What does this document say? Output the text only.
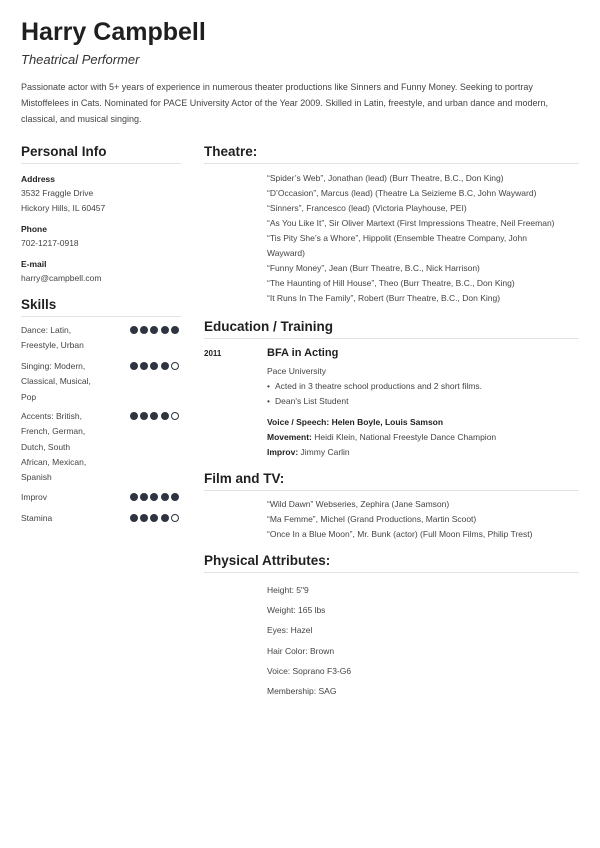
Harry Campbell
Theatrical Performer
Passionate actor with 5+ years of experience in numerous theater productions like Sinners and Funny Money. Seeking to portray Mistoffelees in Cats. Nominated for PACE University Actor of the Year 2009. Skilled in Latin, freestyle, and urban dance and modern, classical, and musical singing.
Personal Info
Address
3532 Fraggle Drive
Hickory Hills, IL 60457
Phone
702-1217-0918
E-mail
harry@campbell.com
Skills
Dance: Latin,
Freestyle, Urban
Singing: Modern,
Classical, Musical,
Pop
Accents: British,
French, German,
Dutch, South
African, Mexican,
Spanish
Improv
Stamina
Theatre:
“Spider’s Web”, Jonathan (lead) (Burr Theatre, B.C., Don King)
“D’Occasion”, Marcus (lead) (Theatre La Seizieme B.C, John Wayward)
“Sinners”, Francesco (lead) (Victoria Playhouse, PEI)
“As You Like It”, Sir Oliver Martext (First Impressions Theatre, Neil Freeman)
“Tis Pity She’s a Whore”, Hippolit (Ensemble Theatre Company, John
Wayward)
“Funny Money”, Jean (Burr Theatre, B.C., Nick Harrison)
“The Haunting of Hill House”, Theo (Burr Theatre, B.C., Don King)
“It Runs In The Family”, Robert (Burr Theatre, B.C., Don King)
Education / Training
2011	BFA in Acting
Pace University
• Acted in 3 theatre school productions and 2 short films.
• Dean's List Student
Voice / Speech: Helen Boyle, Louis Samson
Movement: Heidi Klein, National Freestyle Dance Champion
Improv: Jimmy Carlin
Film and TV:
“Wild Dawn” Webseries, Zephira (Jane Samson)
“Ma Femme”, Michel (Grand Productions, Martin Scoot)
“Once In a Blue Moon”, Mr. Bunk (actor) (Full Moon Films, Philip Trest)
Physical Attributes:
Height: 5"9
Weight: 165 lbs
Eyes: Hazel
Hair Color: Brown
Voice: Soprano F3-G6
Membership: SAG
